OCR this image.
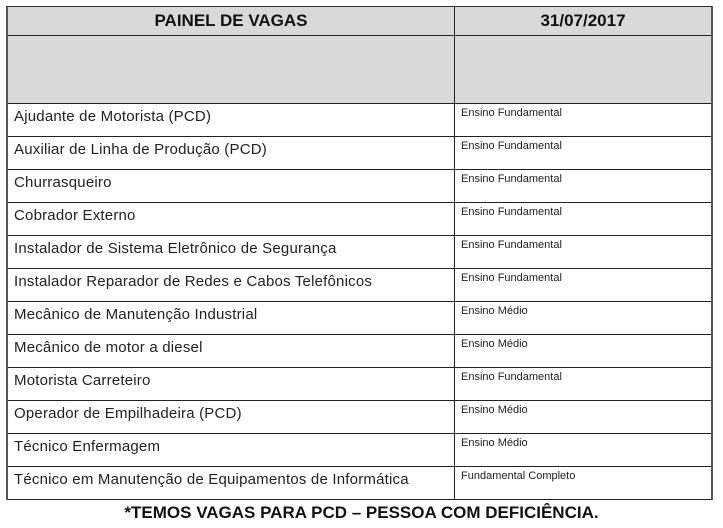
PAINEL DE VAGAS	31/07/2017
Ajudante de Motorista (PCD)	Ensino Fundamental
Auxiliar de Linha de Produção (PCD)	Ensino Fundamental
Churrasqueiro	Ensino Fundamental
Cobrador Externo	Ensino Fundamental
Instalador de Sistema Eletrônico de Segurança	Ensino Fundamental
Instalador Reparador de Redes e Cabos Telefônicos	Ensino Fundamental
Mecânico de Manutenção Industrial	Ensino Médio
Mecânico de motor a diesel	Ensino Médio
Motorista Carreteiro	Ensino Fundamental
Operador de Empilhadeira (PCD)	Ensino Médio
Técnico Enfermagem	Ensino Médio
Técnico em Manutenção de Equipamentos de Informática	Fundamental Completo
*TEMOS VAGAS PARA PCD – PESSOA COM DEFICIÊNCIA.
